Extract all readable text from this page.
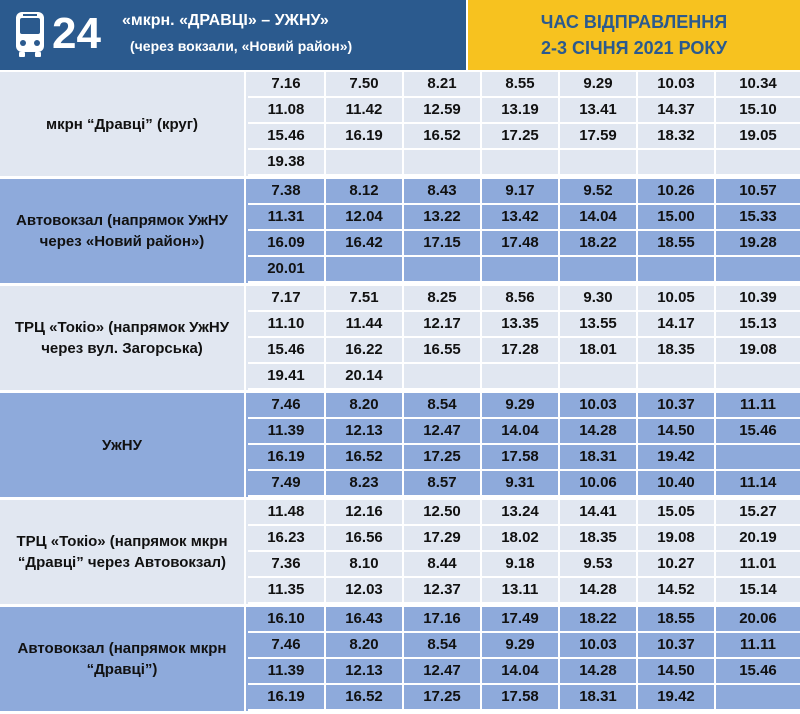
24 «мкрн. «ДРАВЦІ» – УЖНУ»
(через вокзали, «Новий район»)
ЧАС ВІДПРАВЛЕННЯ
2-3 СІЧНЯ 2021 РОКУ
мкрн “Дравці” (круг)
7.16	7.50	8.21	8.55	9.29	10.03	10.34
11.08	11.42	12.59	13.19	13.41	14.37	15.10
15.46	16.19	16.52	17.25	17.59	18.32	19.05
19.38
Автовокзал (напрямок УжНУ через «Новий район»)
7.38	8.12	8.43	9.17	9.52	10.26	10.57
11.31	12.04	13.22	13.42	14.04	15.00	15.33
16.09	16.42	17.15	17.48	18.22	18.55	19.28
20.01
ТРЦ «Токіо» (напрямок УжНУ через вул. Загорська)
7.17	7.51	8.25	8.56	9.30	10.05	10.39
11.10	11.44	12.17	13.35	13.55	14.17	15.13
15.46	16.22	16.55	17.28	18.01	18.35	19.08
19.41	20.14
УжНУ
7.46	8.20	8.54	9.29	10.03	10.37	11.11
11.39	12.13	12.47	14.04	14.28	14.50	15.46
16.19	16.52	17.25	17.58	18.31	19.42
7.49	8.23	8.57	9.31	10.06	10.40	11.14
ТРЦ «Токіо» (напрямок мкрн “Дравці” через Автовокзал)
11.48	12.16	12.50	13.24	14.41	15.05	15.27
16.23	16.56	17.29	18.02	18.35	19.08	20.19
7.36	8.10	8.44	9.18	9.53	10.27	11.01
11.35	12.03	12.37	13.11	14.28	14.52	15.14
Автовокзал (напрямок мкрн “Дравці”)
16.10	16.43	17.16	17.49	18.22	18.55	20.06
7.46	8.20	8.54	9.29	10.03	10.37	11.11
11.39	12.13	12.47	14.04	14.28	14.50	15.46
16.19	16.52	17.25	17.58	18.31	19.42
